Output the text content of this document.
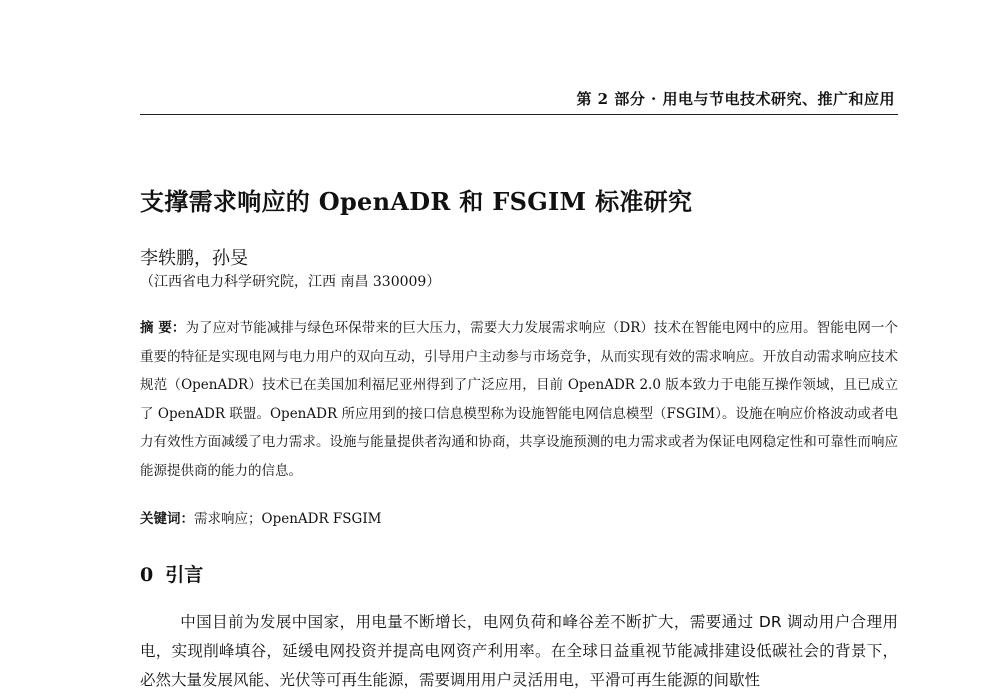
第 2 部分 · 用电与节电技术研究、推广和应用
支撑需求响应的 OpenADR 和 FSGIM 标准研究
李轶鹏，孙旻
（江西省电力科学研究院，江西 南昌 330009）
摘 要：为了应对节能减排与绿色环保带来的巨大压力，需要大力发展需求响应（DR）技术在智能电网中的应用。智能电网一个重要的特征是实现电网与电力用户的双向互动，引导用户主动参与市场竞争，从而实现有效的需求响应。开放自动需求响应技术规范（OpenADR）技术已在美国加利福尼亚州得到了广泛应用，目前 OpenADR 2.0 版本致力于电能互操作领域，且已成立了 OpenADR 联盟。OpenADR 所应用到的接口信息模型称为设施智能电网信息模型（FSGIM）。设施在响应价格波动或者电力有效性方面减缓了电力需求。设施与能量提供者沟通和协商，共享设施预测的电力需求或者为保证电网稳定性和可靠性而响应能源提供商的能力的信息。
关键词：需求响应；OpenADR FSGIM
0 引言

中国目前为发展中国家，用电量不断增长，电网负荷和峰谷差不断扩大，需要通过 DR 调动用户合理用电，实现削峰填谷，延缓电网投资并提高电网资产利用率。在全球日益重视节能减排建设低碳社会的背景下，必然大量发展风能、光伏等可再生能源，需要调用用户灵活用电，平滑可再生能源的间歇性
